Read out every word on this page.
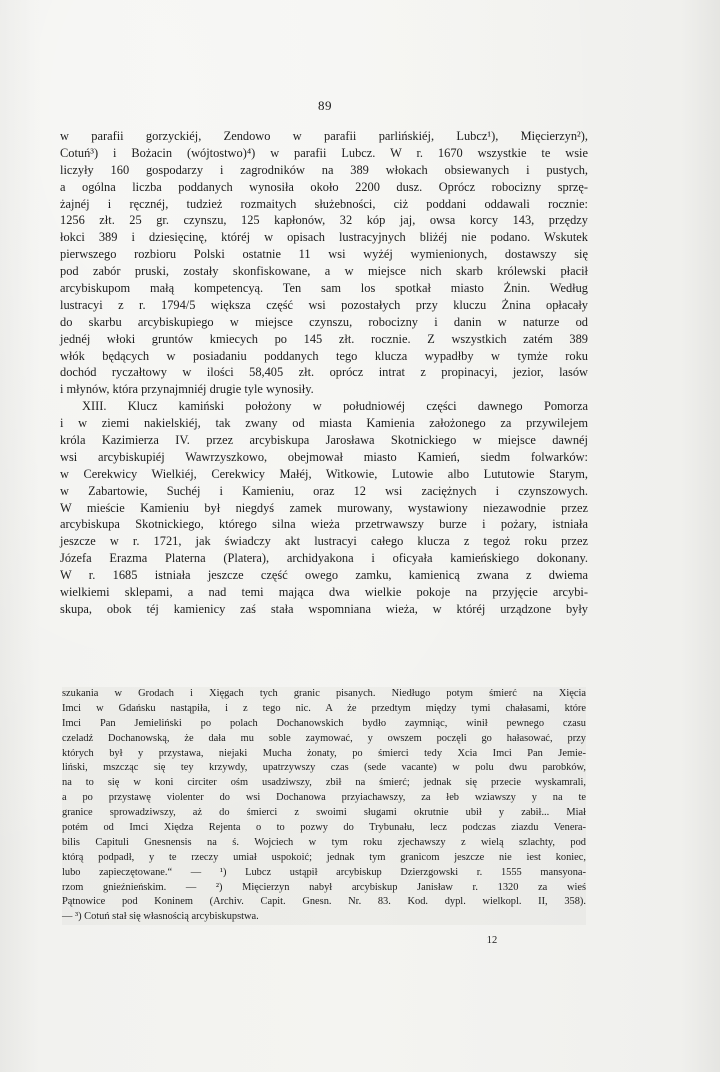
89
w parafii gorzyckiéj, Zendowo w parafii parlińskiéj, Lubcz¹), Mięcierzyn²),
Cotuń³) i Bożacin (wójtostwo)⁴) w parafii Lubcz. W r. 1670 wszystkie te wsie
liczyły 160 gospodarzy i zagrodników na 389 włokach obsiewanych i pustych,
a ogólna liczba poddanych wynosiła około 2200 dusz. Oprócz robocizny sprzę-
żajnéj i ręcznéj, tudzież rozmaitych służebności, ciż poddani oddawali rocznie:
1256 złt. 25 gr. czynszu, 125 kapłonów, 32 kóp jaj, owsa korcy 143, przędzy
łokci 389 i dziesięcinę, któréj w opisach lustracyjnych bliżéj nie podano. Wskutek
pierwszego rozbioru Polski ostatnie 11 wsi wyżéj wymienionych, dostawszy się
pod zabór pruski, zostały skonfiskowane, a w miejsce nich skarb królewski płacił
arcybiskupom małą kompetencyą. Ten sam los spotkał miasto Żnin. Według
lustracyi z r. 1794/5 większa część wsi pozostałych przy kluczu Żnina opłacały
do skarbu arcybiskupiego w miejsce czynszu, robocizny i danin w naturze od
jednéj włoki gruntów kmiecych po 145 złt. rocznie. Z wszystkich zatém 389
włók będących w posiadaniu poddanych tego klucza wypadłby w tymże roku
dochód ryczałtowy w ilości 58,405 złt. oprócz intrat z propinacyi, jezior, lasów
i młynów, która przynajmniéj drugie tyle wynosiły.
XIII. Klucz kamiński położony w południowéj części dawnego Pomorza
i w ziemi nakielskiéj, tak zwany od miasta Kamienia założonego za przywilejem
króla Kazimierza IV. przez arcybiskupa Jarosława Skotnickiego w miejsce dawnéj
wsi arcybiskupiéj Wawrzyszkowo, obejmował miasto Kamień, siedm folwarków:
w Cerekwicy Wielkiéj, Cerekwicy Małéj, Witkowie, Lutowie albo Lututowie Starym,
w Zabartowie, Suchéj i Kamieniu, oraz 12 wsi zaciężnych i czynszowych.
W mieście Kamieniu był niegdyś zamek murowany, wystawiony niezawodnie przez
arcybiskupa Skotnickiego, którego silna wieża przetrwawszy burze i pożary, istniała
jeszcze w r. 1721, jak świadczy akt lustracyi całego klucza z tegoż roku przez
Józefa Erazma Platerna (Platera), archidyakona i oficyała kamieńskiego dokonany.
W r. 1685 istniała jeszcze część owego zamku, kamienicą zwana z dwiema
wielkiemi sklepami, a nad temi mająca dwa wielkie pokoje na przyjęcie arcybi-
skupa, obok téj kamienicy zaś stała wspomniana wieża, w któréj urządzone były
szukania w Grodach i Xięgach tych granic pisanych. Niedługo potym śmierć na Xięcia
Imci w Gdańsku nastąpiła, i z tego nic. A że przedtym między tymi chałasami, które
Imci Pan Jemieliński po polach Dochanowskich bydło zaymniąc, winił pewnego czasu
czeladź Dochanowską, że dała mu soble zaymować, y owszem poczęli go hałasować, przy
których był y przystawa, niejaki Mucha żonaty, po śmierci tedy Xcia Imci Pan Jemie-
liński, mszcząc się tey krzywdy, upatrzywszy czas (sede vacante) w polu dwu parobków,
na to się w koni circiter ośm usadziwszy, zbił na śmierć; jednak się przecie wyskamrali,
a po przystawę violenter do wsi Dochanowa przyiachawszy, za łeb wziawszy y na te
granice sprowadziwszy, aż do śmierci z swoimi sługami okrutnie ubił y zabił... Miał
potém od Imci Xiędza Rejenta o to pozwy do Trybunału, lecz podczas ziazdu Venera-
bilis Capituli Gnesnensis na ś. Wojciech w tym roku zjechawszy z wielą szlachty, pod
którą podpadł, y te rzeczy umiał uspokoić; jednak tym granicom jeszcze nie iest koniec,
lubo zapieczętowane.“ — ¹) Lubcz ustąpił arcybiskup Dzierzgowski r. 1555 mansyona-
rzom gnieźnieńskim. — ²) Mięcierzyn nabył arcybiskup Janisław r. 1320 za wieś
Pątnowice pod Koninem (Archiv. Capit. Gnesn. Nr. 83. Kod. dypl. wielkopl. II, 358).
— ³) Cotuń stał się własnością arcybiskupstwa.
12
